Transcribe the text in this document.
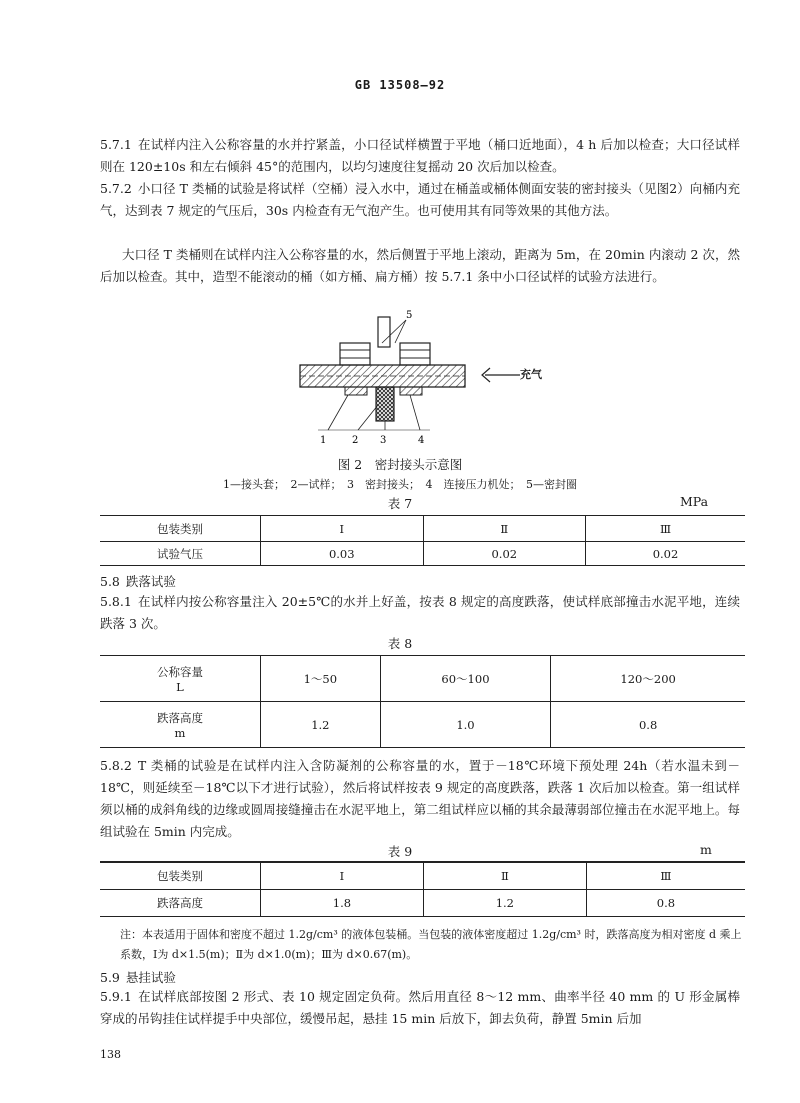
GB 13508—92
5.7.1 在试样内注入公称容量的水并拧紧盖，小口径试样横置于平地（桶口近地面），4 h 后加以检查；大口径试样则在 120±10s 和左右倾斜 45°的范围内，以均匀速度往复摇动 20 次后加以检查。
5.7.2 小口径 T 类桶的试验是将试样（空桶）浸入水中，通过在桶盖或桶体侧面安装的密封接头（见图2）向桶内充气，达到表 7 规定的气压后，30s 内检查有无气泡产生。也可使用其有同等效果的其他方法。
大口径 T 类桶则在试样内注入公称容量的水，然后侧置于平地上滚动，距离为 5m，在 20min 内滚动 2 次，然后加以检查。其中，造型不能滚动的桶（如方桶、扁方桶）按 5.7.1 条中小口径试样的试验方法进行。
5
1	2 3	4
充气
图 2　密封接头示意图
1—接头套；　2—试样；　3　密封接头；　4　连接压力机处；　5—密封圈
表 7	MPa
包装类别	Ⅰ	Ⅱ	Ⅲ
试验气压	0.03	0.02	0.02
5.8 跌落试验
5.8.1 在试样内按公称容量注入 20±5℃的水并上好盖，按表 8 规定的高度跌落，使试样底部撞击水泥平地，连续跌落 3 次。
表 8
公称容量
L	1～50	60～100	120～200

跌落高度
m	1.2	1.0	0.8
5.8.2 T 类桶的试验是在试样内注入含防凝剂的公称容量的水，置于－18℃环境下预处理 24h（若水温未到－18℃，则延续至－18℃以下才进行试验），然后将试样按表 9 规定的高度跌落，跌落 1 次后加以检查。第一组试样须以桶的成斜角线的边缘或圆周接缝撞击在水泥平地上，第二组试样应以桶的其余最薄弱部位撞击在水泥平地上。每组试验在 5min 内完成。
表 9	m
包装类别	Ⅰ	Ⅱ	Ⅲ
跌落高度	1.8	1.2	0.8
注：本表适用于固体和密度不超过 1.2g/cm³ 的液体包装桶。当包装的液体密度超过 1.2g/cm³ 时，跌落高度为相对密度 d 乘上系数，Ⅰ为 d×1.5(m)；Ⅱ为 d×1.0(m)；Ⅲ为 d×0.67(m)。
5.9 悬挂试验
5.9.1 在试样底部按图 2 形式、表 10 规定固定负荷。然后用直径 8～12 mm、曲率半径 40 mm 的 U 形金属棒穿成的吊钩挂住试样提手中央部位，缓慢吊起，悬挂 15 min 后放下，卸去负荷，静置 5min 后加
138
